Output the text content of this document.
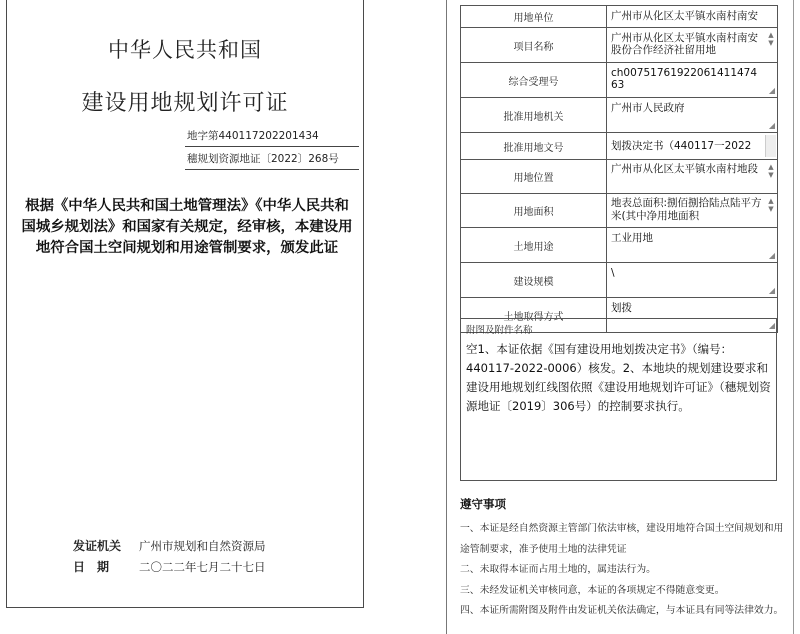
中华人民共和国
建设用地规划许可证
地字第440117202201434
穗规划资源地证〔2022〕268号
根据《中华人民共和国土地管理法》《中华人民共和国城乡规划法》和国家有关规定，经审核，本建设用地符合国土空间规划和用途管制要求，颁发此证
发证机关 广州市规划和自然资源局
日　期	二〇二二年七月二十七日
用地单位	广州市从化区太平镇水南村南安

项目名称	广州市从化区太平镇水南村南安股份合作经济社留用地
▲
▼

综合受理号	ch00751761922061411474​63 ◢

批准用地机关	广州市人民政府
◢

批准用地文号	划拨决定书（440117一2022

用地位置	广州市从化区太平镇水南村地段 ▲
▼

用地面积	地表总面积:捌佰捌拾陆点陆平方米(其中净用地面积
▲
▼

土地用途	工业用地
◢

建设规模	\
◢

土地取得方式	划拨
◢
附图及附件名称
空1、本证依据《国有建设用地划拨决定书》（编号：440117-2022-0006）核发。2、本地块的规划建设要求和建设用地规划红线图依照《建设用地规划许可证》（穗规划资源地证〔2019〕306号）的控制要求执行。
遵守事项
一、本证是经自然资源主管部门依法审核，建设用地符合国土空间规划和用途管制要求，准予使用土地的法律凭证
二、未取得本证而占用土地的，属违法行为。
三、未经发证机关审核同意，本证的各项规定不得随意变更。
四、本证所需附图及附件由发证机关依法确定，与本证具有同等法律效力。
